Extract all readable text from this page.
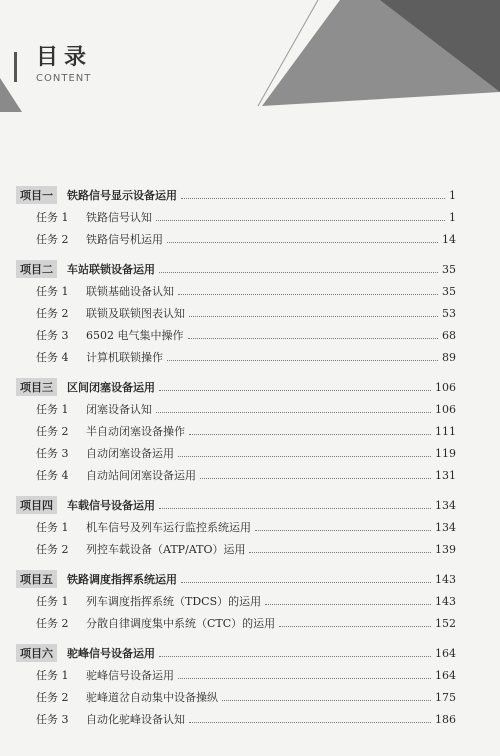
目录
CONTENT
项目一	铁路信号显示设备运用	1
任务 1	铁路信号认知	1
任务 2	铁路信号机运用	14
项目二	车站联锁设备运用	35
任务 1	联锁基础设备认知	35
任务 2	联锁及联锁图表认知	53
任务 3	6502 电气集中操作	68
任务 4	计算机联锁操作	89
项目三	区间闭塞设备运用	106
任务 1	闭塞设备认知	106
任务 2	半自动闭塞设备操作	111
任务 3	自动闭塞设备运用	119
任务 4	自动站间闭塞设备运用	131
项目四	车载信号设备运用	134
任务 1	机车信号及列车运行监控系统运用	134
任务 2	列控车载设备（ATP/ATO）运用	139
项目五	铁路调度指挥系统运用	143
任务 1	列车调度指挥系统（TDCS）的运用	143
任务 2	分散自律调度集中系统（CTC）的运用	152
项目六	驼峰信号设备运用	164
任务 1	驼峰信号设备运用	164
任务 2	驼峰道岔自动集中设备操纵	175
任务 3	自动化驼峰设备认知	186
